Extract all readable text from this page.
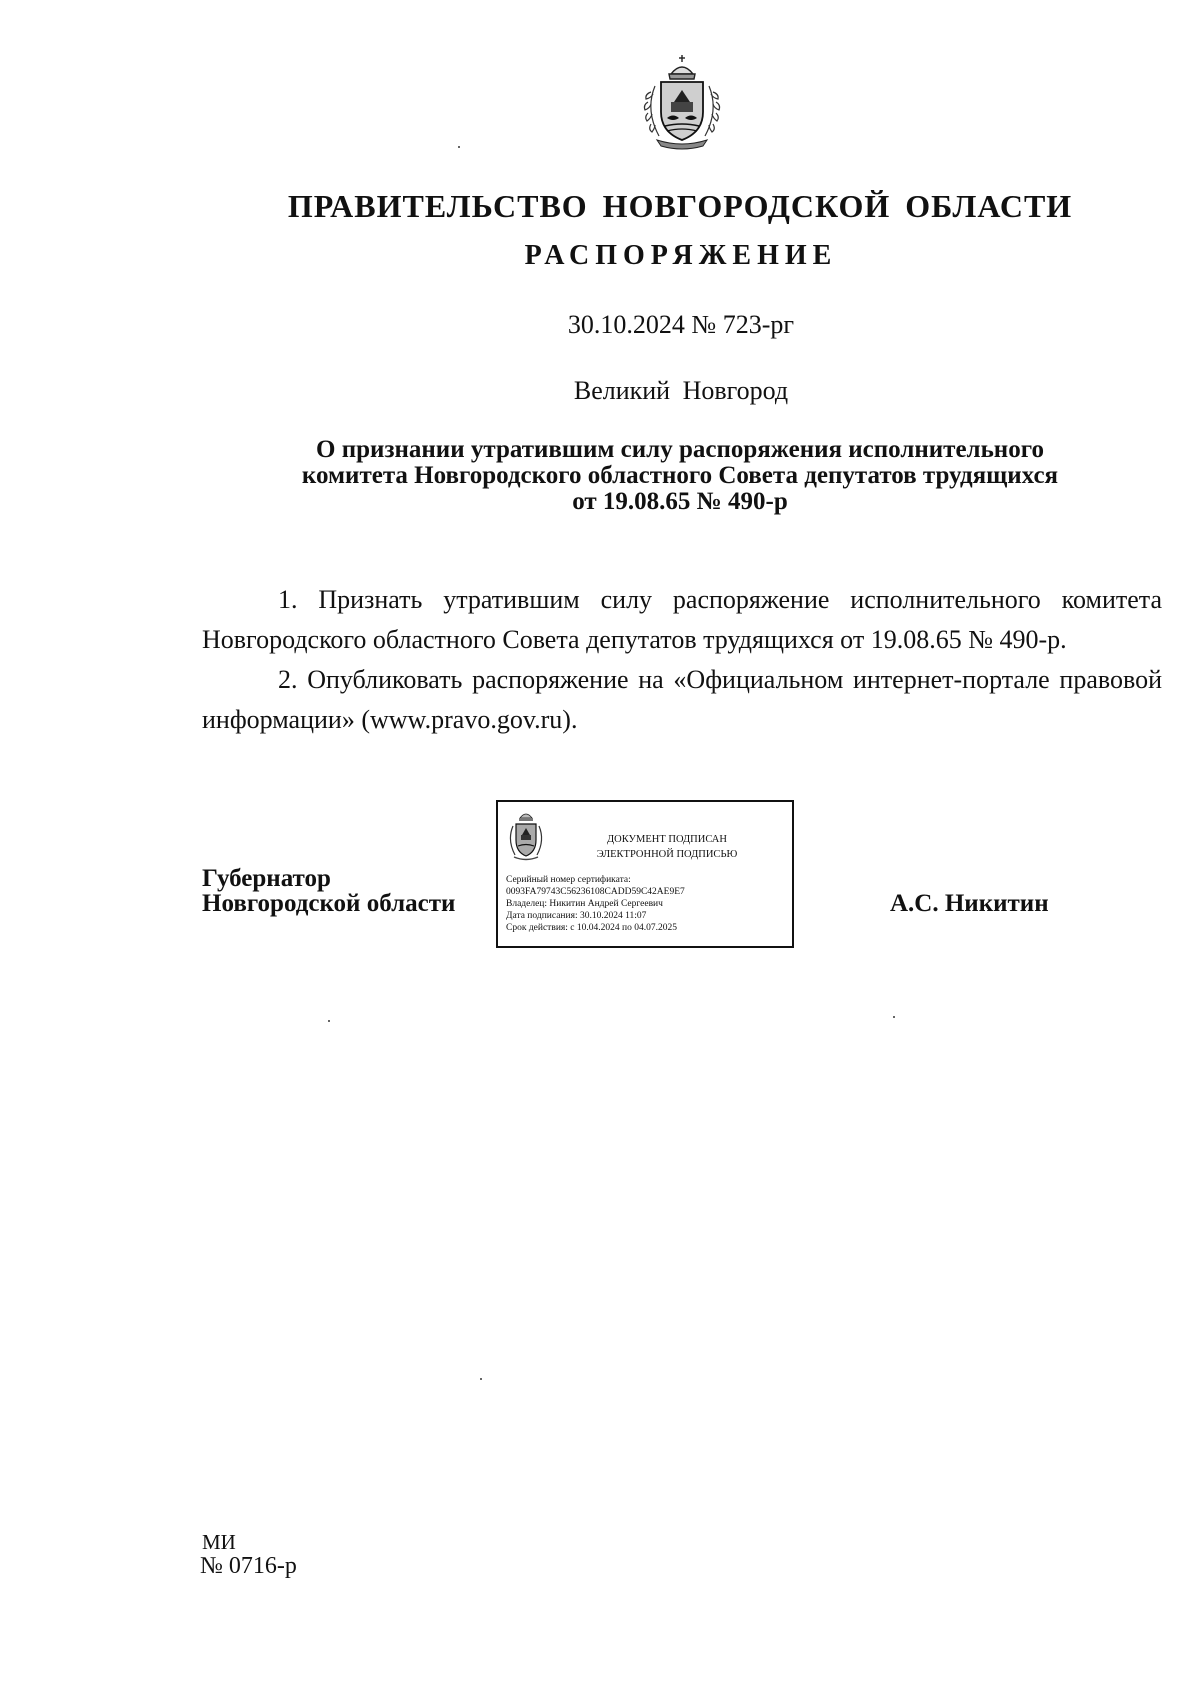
ПРАВИТЕЛЬСТВО НОВГОРОДСКОЙ ОБЛАСТИ
РАСПОРЯЖЕНИЕ
30.10.2024 № 723-рг
Великий Новгород
О признании утратившим силу распоряжения исполнительного
комитета Новгородского областного Совета депутатов трудящихся
от 19.08.65 № 490-р

1. Признать утратившим силу распоряжение исполнительного комитета Новгородского областного Совета депутатов трудящихся от 19.08.65 № 490-р.

2. Опубликовать распоряжение на «Официальном интернет-портале правовой информации» (www.pravo.gov.ru).

Губернатор
Новгородской области
ДОКУМЕНТ ПОДПИСАН
ЭЛЕКТРОННОЙ ПОДПИСЬЮ
Серийный номер сертификата:
0093FA79743C56236108CADD59C42AE9E7
Владелец: Никитин Андрей Сергеевич
Дата подписания: 30.10.2024 11:07
Срок действия: с 10.04.2024 по 04.07.2025
А.С. Никитин
МИ
№ 0716-р
